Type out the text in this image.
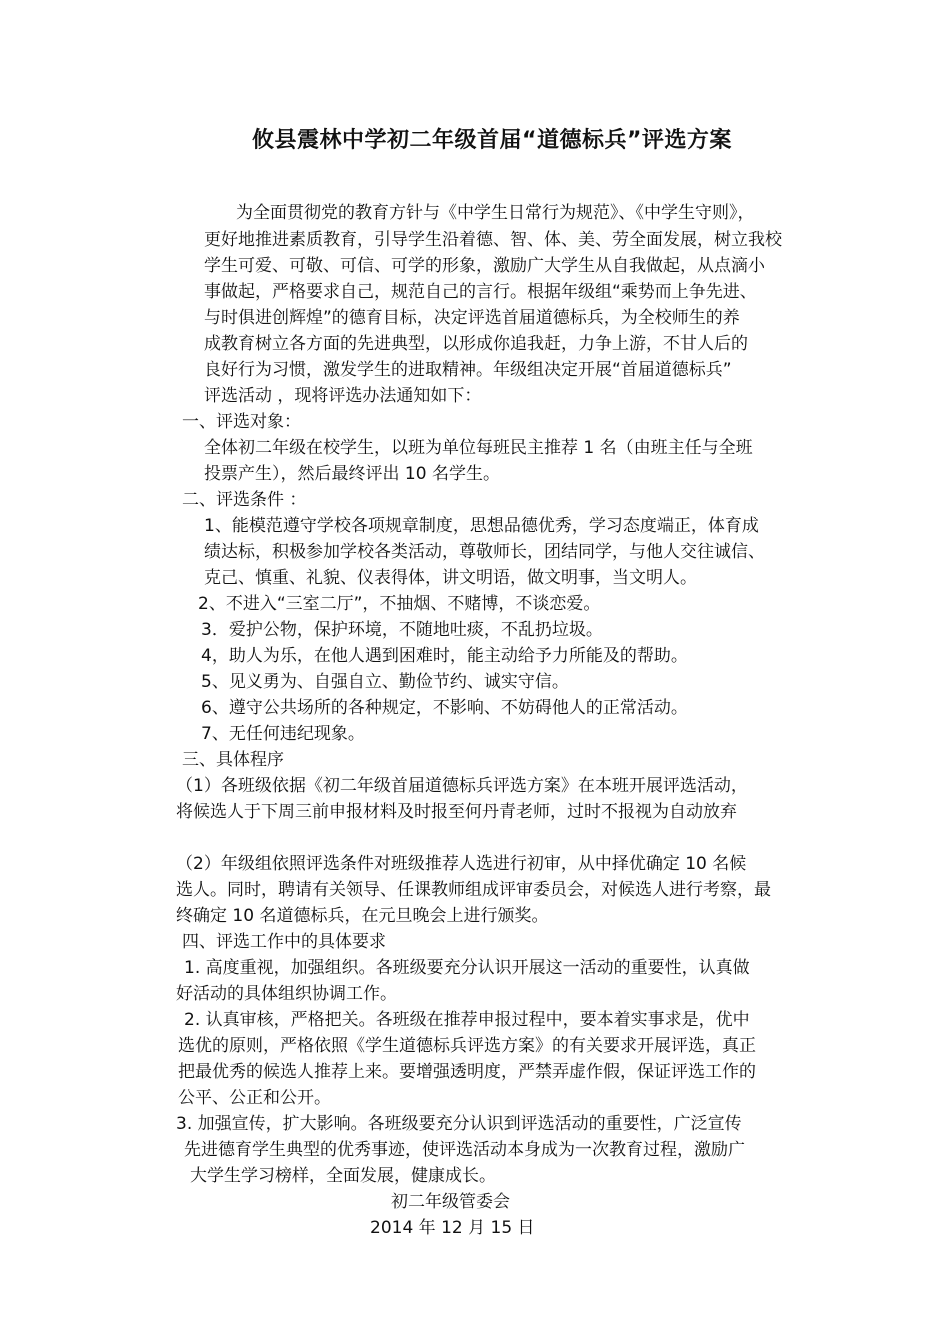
攸县震林中学初二年级首届“道德标兵”评选方案
为全面贯彻党的教育方针与《中学生日常行为规范》、《中学生守则》，
更好地推进素质教育，引导学生沿着德、智、体、美、劳全面发展，树立我校
学生可爱、可敬、可信、可学的形象，激励广大学生从自我做起，从点滴小
事做起，严格要求自己，规范自己的言行。根据年级组“乘势而上争先进、
与时俱进创辉煌”的德育目标，决定评选首届道德标兵，为全校师生的养
成教育树立各方面的先进典型，以形成你追我赶，力争上游，不甘人后的
良好行为习惯，激发学生的进取精神。年级组决定开展“首届道德标兵”
评选活动 ，现将评选办法通知如下：
一、评选对象：
全体初二年级在校学生，以班为单位每班民主推荐 1 名（由班主任与全班
投票产生），然后最终评出 10 名学生。
二、评选条件 ：
1、能模范遵守学校各项规章制度，思想品德优秀，学习态度端正，体育成
绩达标，积极参加学校各类活动，尊敬师长，团结同学，与他人交往诚信、
克己、慎重、礼貌、仪表得体，讲文明语，做文明事，当文明人。
2、不进入“三室二厅”，不抽烟、不赌博，不谈恋爱。
3．爱护公物，保护环境，不随地吐痰，不乱扔垃圾。
4，助人为乐，在他人遇到困难时，能主动给予力所能及的帮助。
5、见义勇为、自强自立、勤俭节约、诚实守信。
6、遵守公共场所的各种规定，不影响、不妨碍他人的正常活动。
7、无任何违纪现象。
三、具体程序
（1）各班级依据《初二年级首届道德标兵评选方案》在本班开展评选活动，
将候选人于下周三前申报材料及时报至何丹青老师，过时不报视为自动放弃
（2）年级组依照评选条件对班级推荐人选进行初审，从中择优确定 10 名候
选人。同时，聘请有关领导、任课教师组成评审委员会，对候选人进行考察，最
终确定 10 名道德标兵，在元旦晚会上进行颁奖。
四、评选工作中的具体要求
1. 高度重视，加强组织。各班级要充分认识开展这一活动的重要性，认真做
好活动的具体组织协调工作。
2. 认真审核，严格把关。各班级在推荐申报过程中，要本着实事求是，优中
选优的原则，严格依照《学生道德标兵评选方案》的有关要求开展评选，真正
把最优秀的候选人推荐上来。要增强透明度，严禁弄虚作假，保证评选工作的
公平、公正和公开。
3. 加强宣传，扩大影响。各班级要充分认识到评选活动的重要性，广泛宣传
先进德育学生典型的优秀事迹，使评选活动本身成为一次教育过程，激励广
大学生学习榜样，全面发展，健康成长。
初二年级管委会
2014 年 12 月 15 日
